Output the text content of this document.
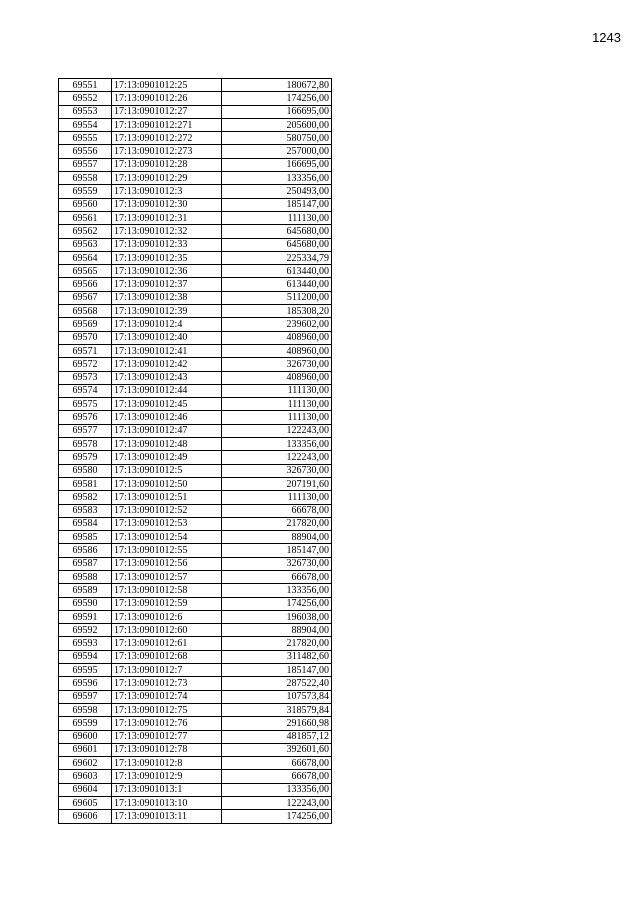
1243
69551	17:13:0901012:25	180672,80
69552	17:13:0901012:26	174256,00
69553	17:13:0901012:27	166695,00
69554	17:13:0901012:271	205600,00
69555	17:13:0901012:272	580750,00
69556	17:13:0901012:273	257000,00
69557	17:13:0901012:28	166695,00
69558	17:13:0901012:29	133356,00
69559	17:13:0901012:3	250493,00
69560	17:13:0901012:30	185147,00
69561	17:13:0901012:31	111130,00
69562	17:13:0901012:32	645680,00
69563	17:13:0901012:33	645680,00
69564	17:13:0901012:35	225334,79
69565	17:13:0901012:36	613440,00
69566	17:13:0901012:37	613440,00
69567	17:13:0901012:38	511200,00
69568	17:13:0901012:39	185308,20
69569	17:13:0901012:4	239602,00
69570	17:13:0901012:40	408960,00
69571	17:13:0901012:41	408960,00
69572	17:13:0901012:42	326730,00
69573	17:13:0901012:43	408960,00
69574	17:13:0901012:44	111130,00
69575	17:13:0901012:45	111130,00
69576	17:13:0901012:46	111130,00
69577	17:13:0901012:47	122243,00
69578	17:13:0901012:48	133356,00
69579	17:13:0901012:49	122243,00
69580	17:13:0901012:5	326730,00
69581	17:13:0901012:50	207191,60
69582	17:13:0901012:51	111130,00
69583	17:13:0901012:52	66678,00
69584	17:13:0901012:53	217820,00
69585	17:13:0901012:54	88904,00
69586	17:13:0901012:55	185147,00
69587	17:13:0901012:56	326730,00
69588	17:13:0901012:57	66678,00
69589	17:13:0901012:58	133356,00
69590	17:13:0901012:59	174256,00
69591	17:13:0901012:6	196038,00
69592	17:13:0901012:60	88904,00
69593	17:13:0901012:61	217820,00
69594	17:13:0901012:68	311482,60
69595	17:13:0901012:7	185147,00
69596	17:13:0901012:73	287522,40
69597	17:13:0901012:74	107573,84
69598	17:13:0901012:75	318579,84
69599	17:13:0901012:76	291660,98
69600	17:13:0901012:77	481857,12
69601	17:13:0901012:78	392601,60
69602	17:13:0901012:8	66678,00
69603	17:13:0901012:9	66678,00
69604	17:13:0901013:1	133356,00
69605	17:13:0901013:10	122243,00
69606	17:13:0901013:11	174256,00
